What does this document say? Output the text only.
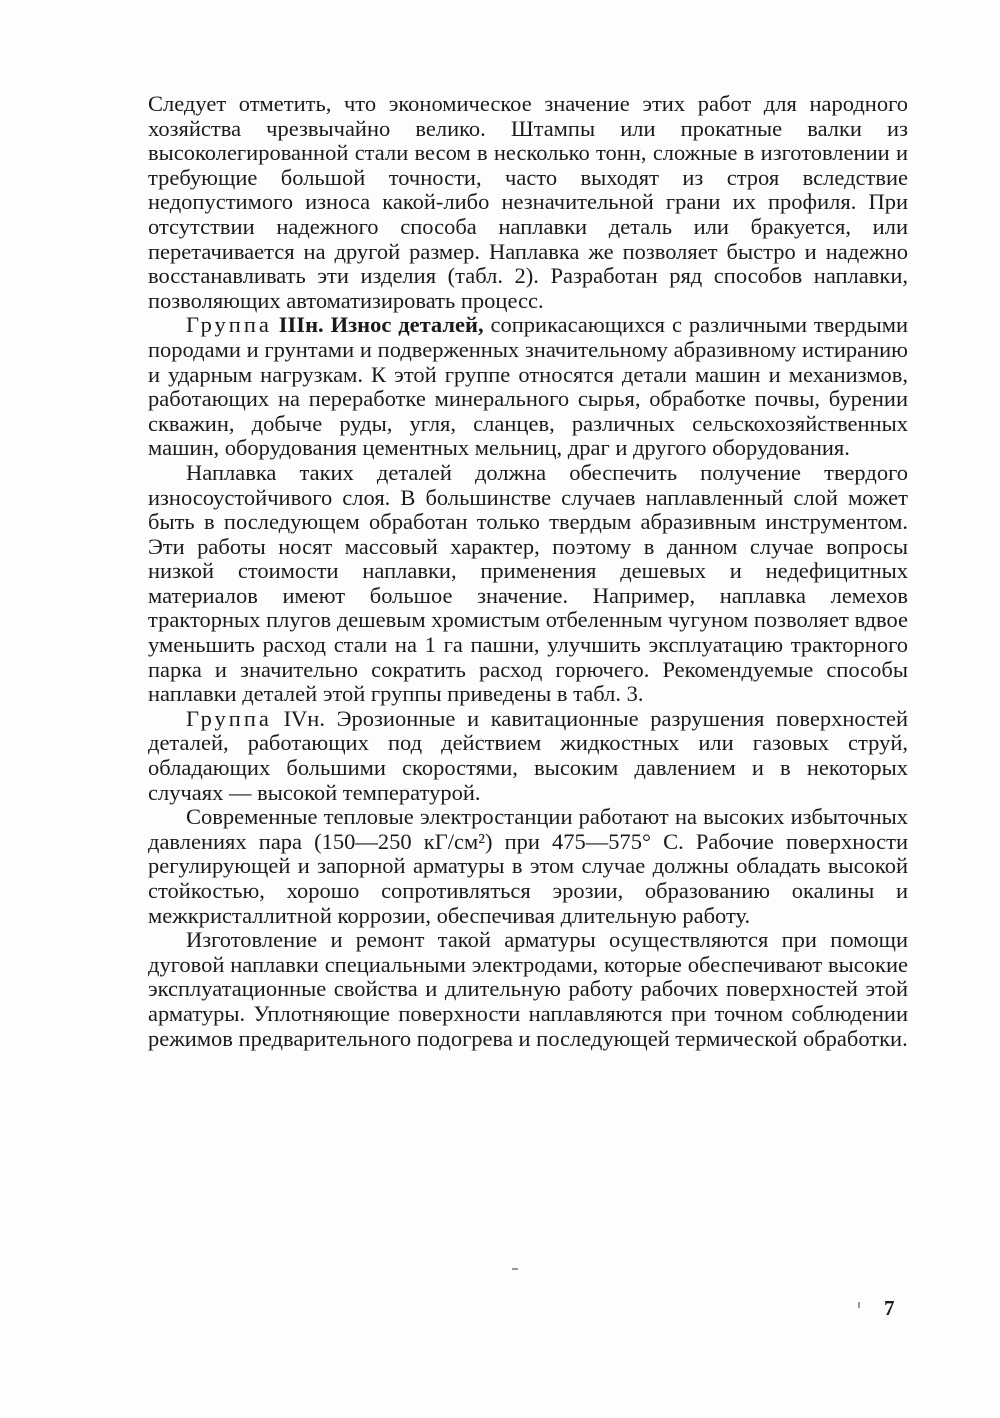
Следует отметить, что экономическое значение этих работ для народного хозяйства чрезвычайно велико. Штампы или прокатные валки из высоколегированной стали весом в несколько тонн, сложные в изготовлении и требующие большой точности, часто выходят из строя вследствие недопустимого износа какой-либо незначительной грани их профиля. При отсутствии надежного способа наплавки деталь или бракуется, или перетачивается на другой размер. Наплавка же позволяет быстро и надежно восстанавливать эти изделия (табл. 2). Разработан ряд способов наплавки, позволяющих автоматизировать процесс.

Группа IIIн. Износ деталей, соприкасающихся с различными твердыми породами и грунтами и подверженных значительному абразивному истиранию и ударным нагрузкам. К этой группе относятся детали машин и механизмов, работающих на переработке минерального сырья, обработке почвы, бурении скважин, добыче руды, угля, сланцев, различных сельскохозяйственных машин, оборудования цементных мельниц, драг и другого оборудования.

Наплавка таких деталей должна обеспечить получение твердого износоустойчивого слоя. В большинстве случаев наплавленный слой может быть в последующем обработан только твердым абразивным инструментом. Эти работы носят массовый характер, поэтому в данном случае вопросы низкой стоимости наплавки, применения дешевых и недефицитных материалов имеют большое значение. Например, наплавка лемехов тракторных плугов дешевым хромистым отбеленным чугуном позволяет вдвое уменьшить расход стали на 1 га пашни, улучшить эксплуатацию тракторного парка и значительно сократить расход горючего. Рекомендуемые способы наплавки деталей этой группы приведены в табл. 3.

Группа IVн. Эрозионные и кавитационные разрушения поверхностей деталей, работающих под действием жидкостных или газовых струй, обладающих большими скоростями, высоким давлением и в некоторых случаях — высокой температурой.

Современные тепловые электростанции работают на высоких избыточных давлениях пара (150—250 кГ/см²) при 475—575° С. Рабочие поверхности регулирующей и запорной арматуры в этом случае должны обладать высокой стойкостью, хорошо сопротивляться эрозии, образованию окалины и межкристаллитной коррозии, обеспечивая длительную работу.

Изготовление и ремонт такой арматуры осуществляются при помощи дуговой наплавки специальными электродами, которые обеспечивают высокие эксплуатационные свойства и длительную работу рабочих поверхностей этой арматуры. Уплотняющие поверхности наплавляются при точном соблюдении режимов предварительного подогрева и последующей термической обработки.

7
